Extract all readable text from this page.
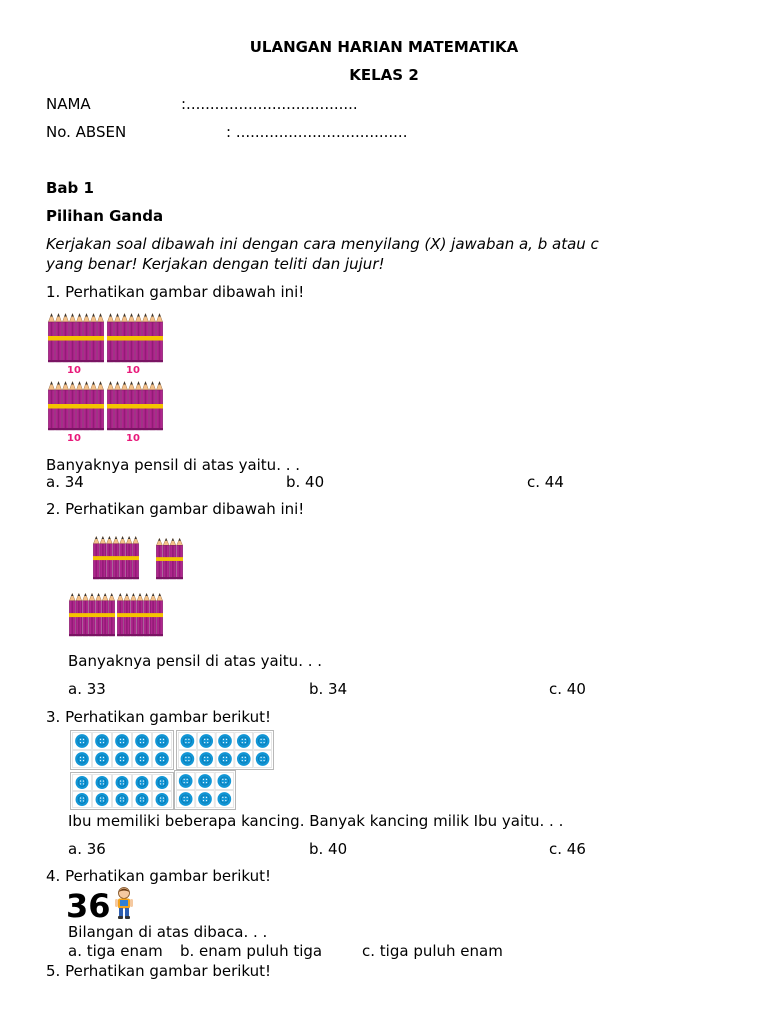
ULANGAN HARIAN MATEMATIKA
KELAS 2
NAMA	:....................................
No. ABSEN	: ....................................
Bab 1
Pilihan Ganda
Kerjakan soal dibawah ini dengan cara menyilang (X) jawaban a, b atau c
yang benar! Kerjakan dengan teliti dan jujur!
1. Perhatikan gambar dibawah ini!
10	10
10	10
Banyaknya pensil di atas yaitu. . .
a. 34	b. 40	c. 44
2. Perhatikan gambar dibawah ini!
Banyaknya pensil di atas yaitu. . .
a. 33	b. 34	c. 40
3. Perhatikan gambar berikut!
Ibu memiliki beberapa kancing. Banyak kancing milik Ibu yaitu. . .
a. 36	b. 40	c. 46
4. Perhatikan gambar berikut!
36
Bilangan di atas dibaca. . .
a. tiga enam b. enam puluh tiga	c. tiga puluh enam
5. Perhatikan gambar berikut!
